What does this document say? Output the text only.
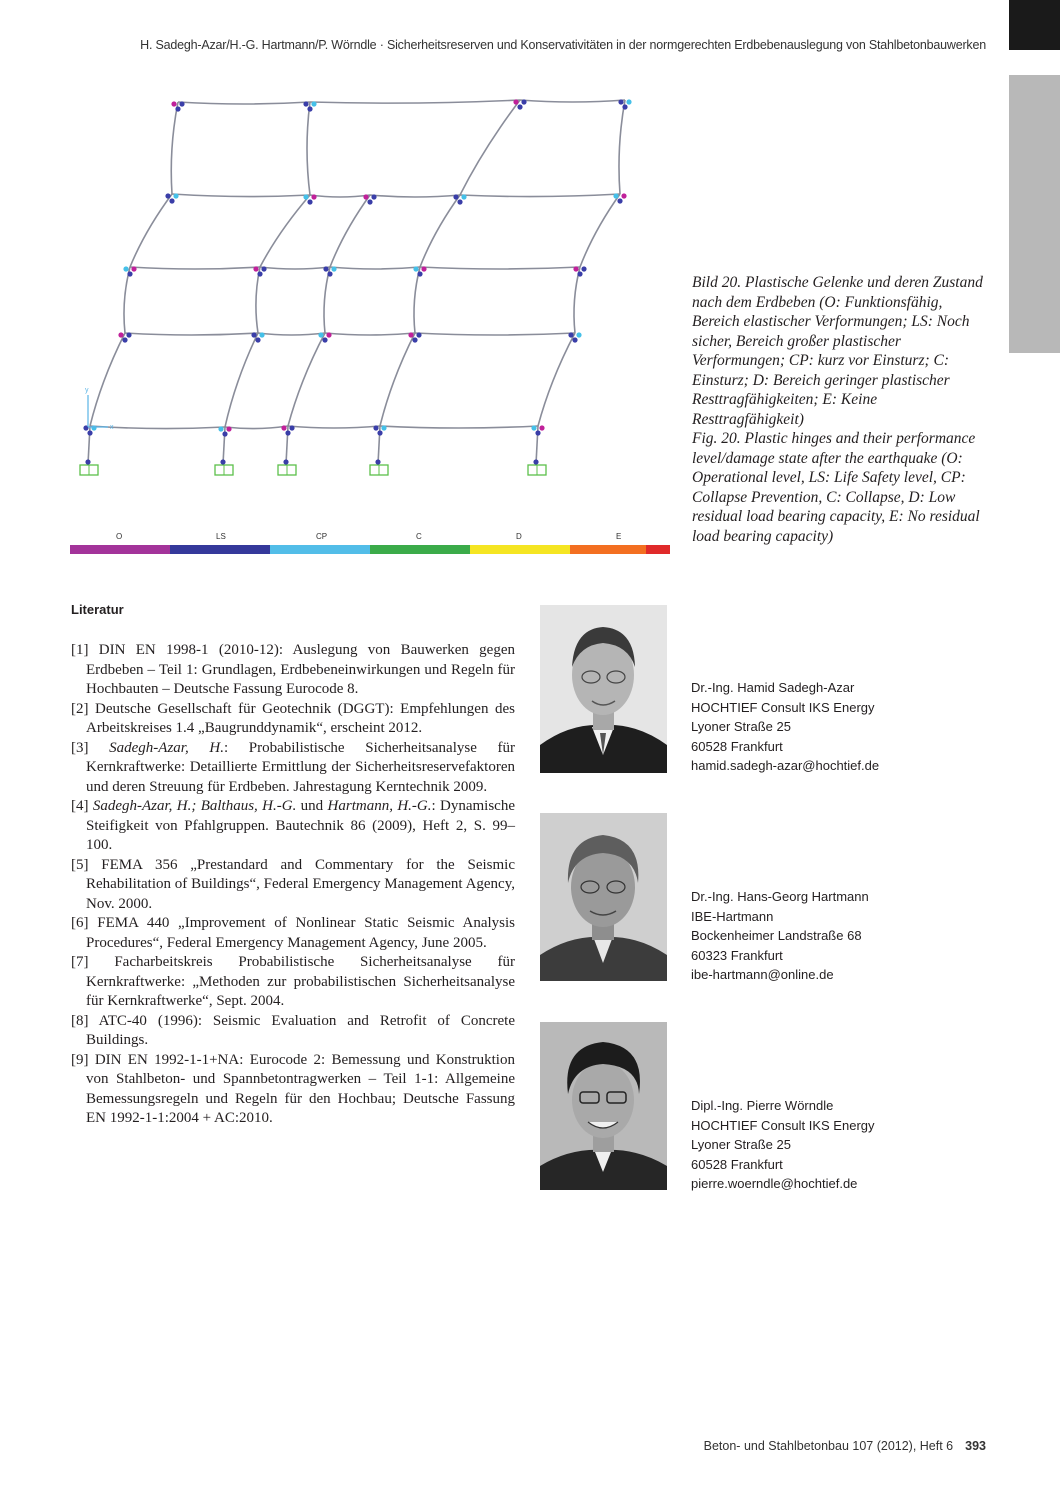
H. Sadegh-Azar/H.-G. Hartmann/P. Wörndle · Sicherheitsreserven und Konservativitäten in der normgerechten Erdbebenauslegung von Stahlbetonbauwerken
y
x
O	LS	CP	C	D	E
Bild 20. Plastische Gelenke und deren Zustand nach dem Erdbeben (O: Funktionsfähig, Bereich elastischer Verformungen; LS: Noch sicher, Bereich großer plastischer Verformungen; CP: kurz vor Einsturz; C: Einsturz; D: Bereich geringer plastischer Resttragfähigkeiten; E: Keine Resttragfähigkeit)
Fig. 20. Plastic hinges and their performance level/damage state after the earthquake (O: Operational level, LS: Life Safety level, CP: Collapse Prevention, C: Collapse, D: Low residual load bearing capacity, E: No residual load bearing capacity)
Literatur
[1] DIN EN 1998-1 (2010-12): Auslegung von Bauwerken gegen Erdbeben – Teil 1: Grundlagen, Erdbebeneinwirkungen und Regeln für Hochbauten – Deutsche Fassung Eurocode 8.
[2] Deutsche Gesellschaft für Geotechnik (DGGT): Empfehlungen des Arbeitskreises 1.4 „Baugrunddynamik“, erscheint 2012.
[3] Sadegh-Azar, H.: Probabilistische Sicherheitsanalyse für Kernkraftwerke: Detaillierte Ermittlung der Sicherheitsreservefaktoren und deren Streuung für Erdbeben. Jahrestagung Kerntechnik 2009.
[4] Sadegh-Azar, H.; Balthaus, H.-G. und Hartmann, H.-G.: Dynamische Steifigkeit von Pfahlgruppen. Bautechnik 86 (2009), Heft 2, S. 99–100.
[5] FEMA 356 „Prestandard and Commentary for the Seismic Rehabilitation of Buildings“, Federal Emergency Management Agency, Nov. 2000.
[6] FEMA 440 „Improvement of Nonlinear Static Seismic Analysis Procedures“, Federal Emergency Management Agency, June 2005.
[7] Facharbeitskreis Probabilistische Sicherheitsanalyse für Kernkraftwerke: „Methoden zur probabilistischen Sicherheitsanalyse für Kernkraftwerke“, Sept. 2004.
[8] ATC-40 (1996): Seismic Evaluation and Retrofit of Concrete Buildings.
[9] DIN EN 1992-1-1+NA: Eurocode 2: Bemessung und Konstruktion von Stahlbeton- und Spannbetontragwerken – Teil 1-1: Allgemeine Bemessungsregeln und Regeln für den Hochbau; Deutsche Fassung EN 1992-1-1:2004 + AC:2010.
Dr.-Ing. Hamid Sadegh-Azar
HOCHTIEF Consult IKS Energy
Lyoner Straße 25
60528 Frankfurt
hamid.sadegh-azar@hochtief.de
Dr.-Ing. Hans-Georg Hartmann
IBE-Hartmann
Bockenheimer Landstraße 68
60323 Frankfurt
ibe-hartmann@online.de
Dipl.-Ing. Pierre Wörndle
HOCHTIEF Consult IKS Energy
Lyoner Straße 25
60528 Frankfurt
pierre.woerndle@hochtief.de
Beton- und Stahlbetonbau 107 (2012), Heft 6 393
